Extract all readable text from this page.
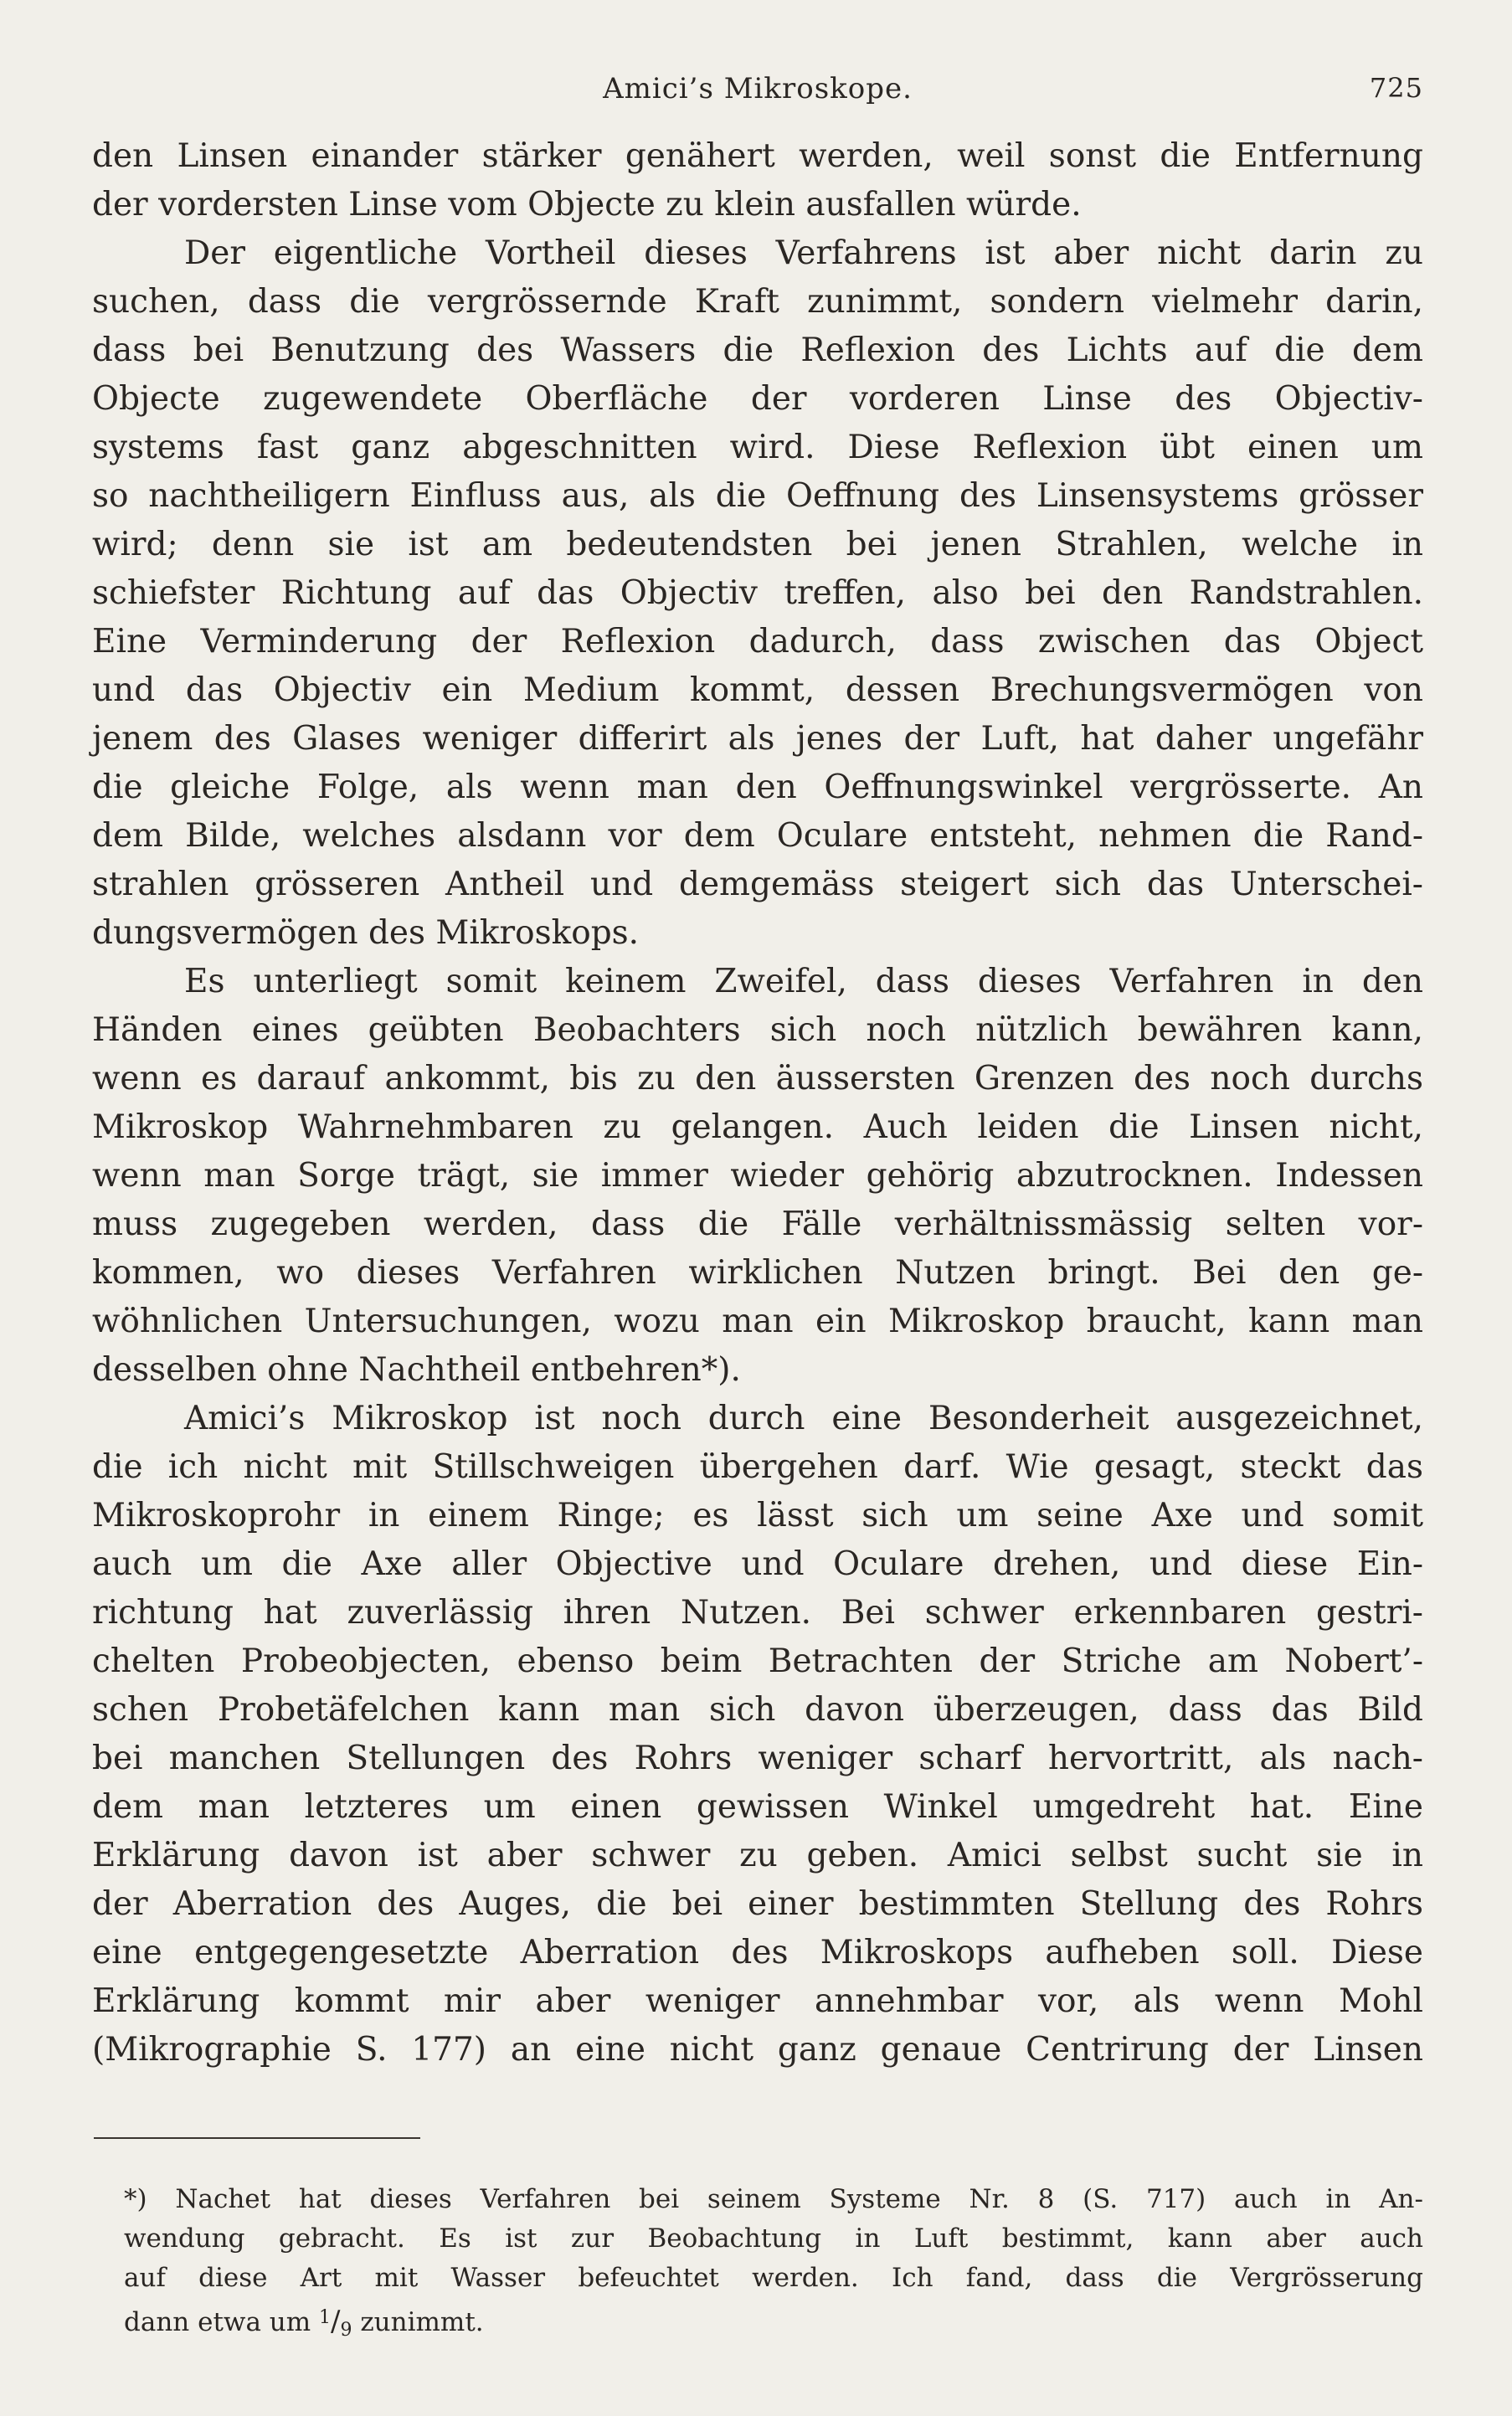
Amici’s Mikroskope.	725
den Linsen einander stärker genähert werden, weil sonst die Entfernung
der vordersten Linse vom Objecte zu klein ausfallen würde.
Der eigentliche Vortheil dieses Verfahrens ist aber nicht darin zu
suchen, dass die vergrössernde Kraft zunimmt, sondern vielmehr darin,
dass bei Benutzung des Wassers die Reflexion des Lichts auf die dem
Objecte zugewendete Oberfläche der vorderen Linse des Objectiv-
systems fast ganz abgeschnitten wird. Diese Reflexion übt einen um
so nachtheiligern Einfluss aus, als die Oeffnung des Linsensystems grösser
wird; denn sie ist am bedeutendsten bei jenen Strahlen, welche in
schiefster Richtung auf das Objectiv treffen, also bei den Randstrahlen.
Eine Verminderung der Reflexion dadurch, dass zwischen das Object
und das Objectiv ein Medium kommt, dessen Brechungsvermögen von
jenem des Glases weniger differirt als jenes der Luft, hat daher ungefähr
die gleiche Folge, als wenn man den Oeffnungswinkel vergrösserte. An
dem Bilde, welches alsdann vor dem Oculare entsteht, nehmen die Rand-
strahlen grösseren Antheil und demgemäss steigert sich das Unterschei-
dungsvermögen des Mikroskops.
Es unterliegt somit keinem Zweifel, dass dieses Verfahren in den
Händen eines geübten Beobachters sich noch nützlich bewähren kann,
wenn es darauf ankommt, bis zu den äussersten Grenzen des noch durchs
Mikroskop Wahrnehmbaren zu gelangen. Auch leiden die Linsen nicht,
wenn man Sorge trägt, sie immer wieder gehörig abzutrocknen. Indessen
muss zugegeben werden, dass die Fälle verhältnissmässig selten vor-
kommen, wo dieses Verfahren wirklichen Nutzen bringt. Bei den ge-
wöhnlichen Untersuchungen, wozu man ein Mikroskop braucht, kann man
desselben ohne Nachtheil entbehren*).
Amici’s Mikroskop ist noch durch eine Besonderheit ausgezeichnet,
die ich nicht mit Stillschweigen übergehen darf. Wie gesagt, steckt das
Mikroskoprohr in einem Ringe; es lässt sich um seine Axe und somit
auch um die Axe aller Objective und Oculare drehen, und diese Ein-
richtung hat zuverlässig ihren Nutzen. Bei schwer erkennbaren gestri-
chelten Probeobjecten, ebenso beim Betrachten der Striche am Nobert’-
schen Probetäfelchen kann man sich davon überzeugen, dass das Bild
bei manchen Stellungen des Rohrs weniger scharf hervortritt, als nach-
dem man letzteres um einen gewissen Winkel umgedreht hat. Eine
Erklärung davon ist aber schwer zu geben. Amici selbst sucht sie in
der Aberration des Auges, die bei einer bestimmten Stellung des Rohrs
eine entgegengesetzte Aberration des Mikroskops aufheben soll. Diese
Erklärung kommt mir aber weniger annehmbar vor, als wenn Mohl
(Mikrographie S. 177) an eine nicht ganz genaue Centrirung der Linsen
*) Nachet hat dieses Verfahren bei seinem Systeme Nr. 8 (S. 717) auch in An-
wendung gebracht. Es ist zur Beobachtung in Luft bestimmt, kann aber auch
auf diese Art mit Wasser befeuchtet werden. Ich fand, dass die Vergrösserung
dann etwa um $^1$/9 zunimmt.
